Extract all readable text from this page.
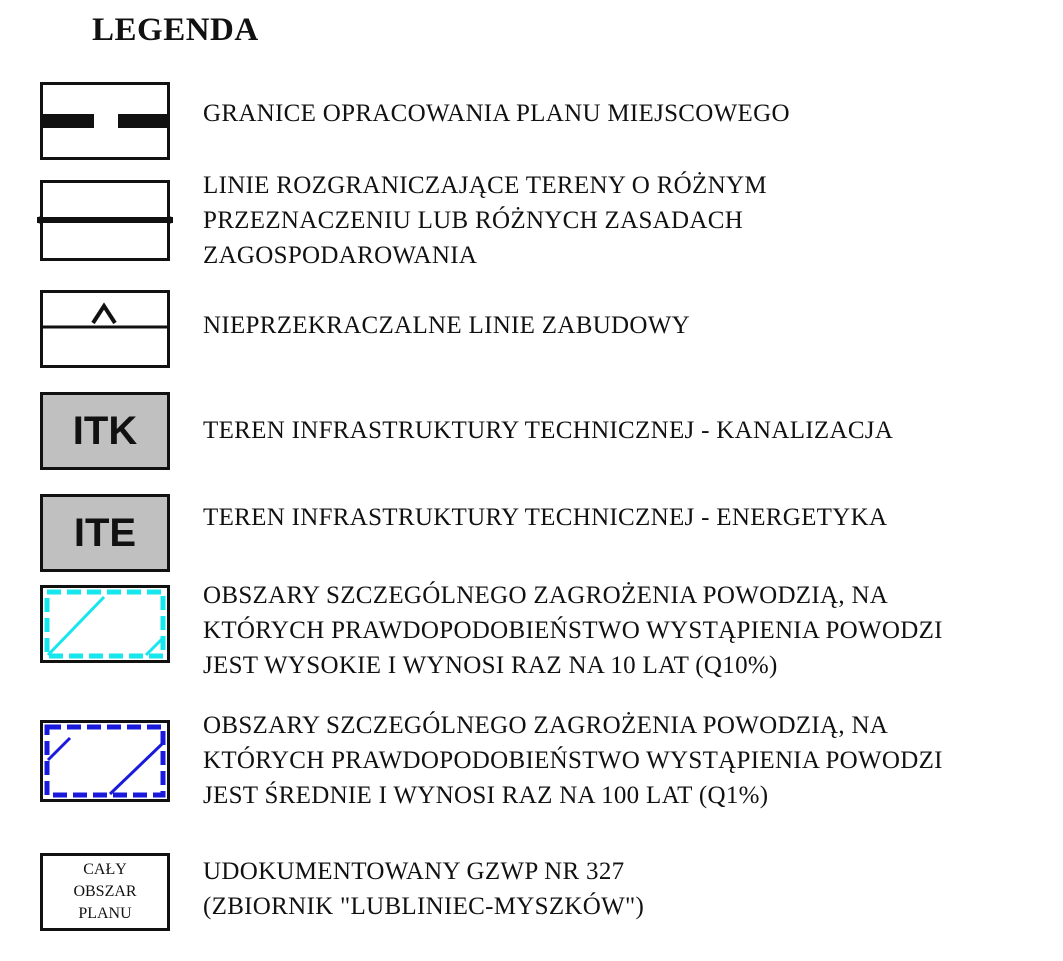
LEGENDA
GRANICE OPRACOWANIA PLANU MIEJSCOWEGO
LINIE ROZGRANICZAJĄCE TERENY O RÓŻNYM
PRZEZNACZENIU LUB RÓŻNYCH ZASADACH
ZAGOSPODAROWANIA
NIEPRZEKRACZALNE LINIE ZABUDOWY
ITK	TEREN INFRASTRUKTURY TECHNICZNEJ - KANALIZACJA
ITE	TEREN INFRASTRUKTURY TECHNICZNEJ - ENERGETYKA
OBSZARY SZCZEGÓLNEGO ZAGROŻENIA POWODZIĄ, NA
KTÓRYCH PRAWDOPODOBIEŃSTWO WYSTĄPIENIA POWODZI
JEST WYSOKIE I WYNOSI RAZ NA 10 LAT (Q10%)
OBSZARY SZCZEGÓLNEGO ZAGROŻENIA POWODZIĄ, NA
KTÓRYCH PRAWDOPODOBIEŃSTWO WYSTĄPIENIA POWODZI
JEST ŚREDNIE I WYNOSI RAZ NA 100 LAT (Q1%)
CAŁY
OBSZAR
PLANU
UDOKUMENTOWANY GZWP NR 327
(ZBIORNIK "LUBLINIEC-MYSZKÓW")
